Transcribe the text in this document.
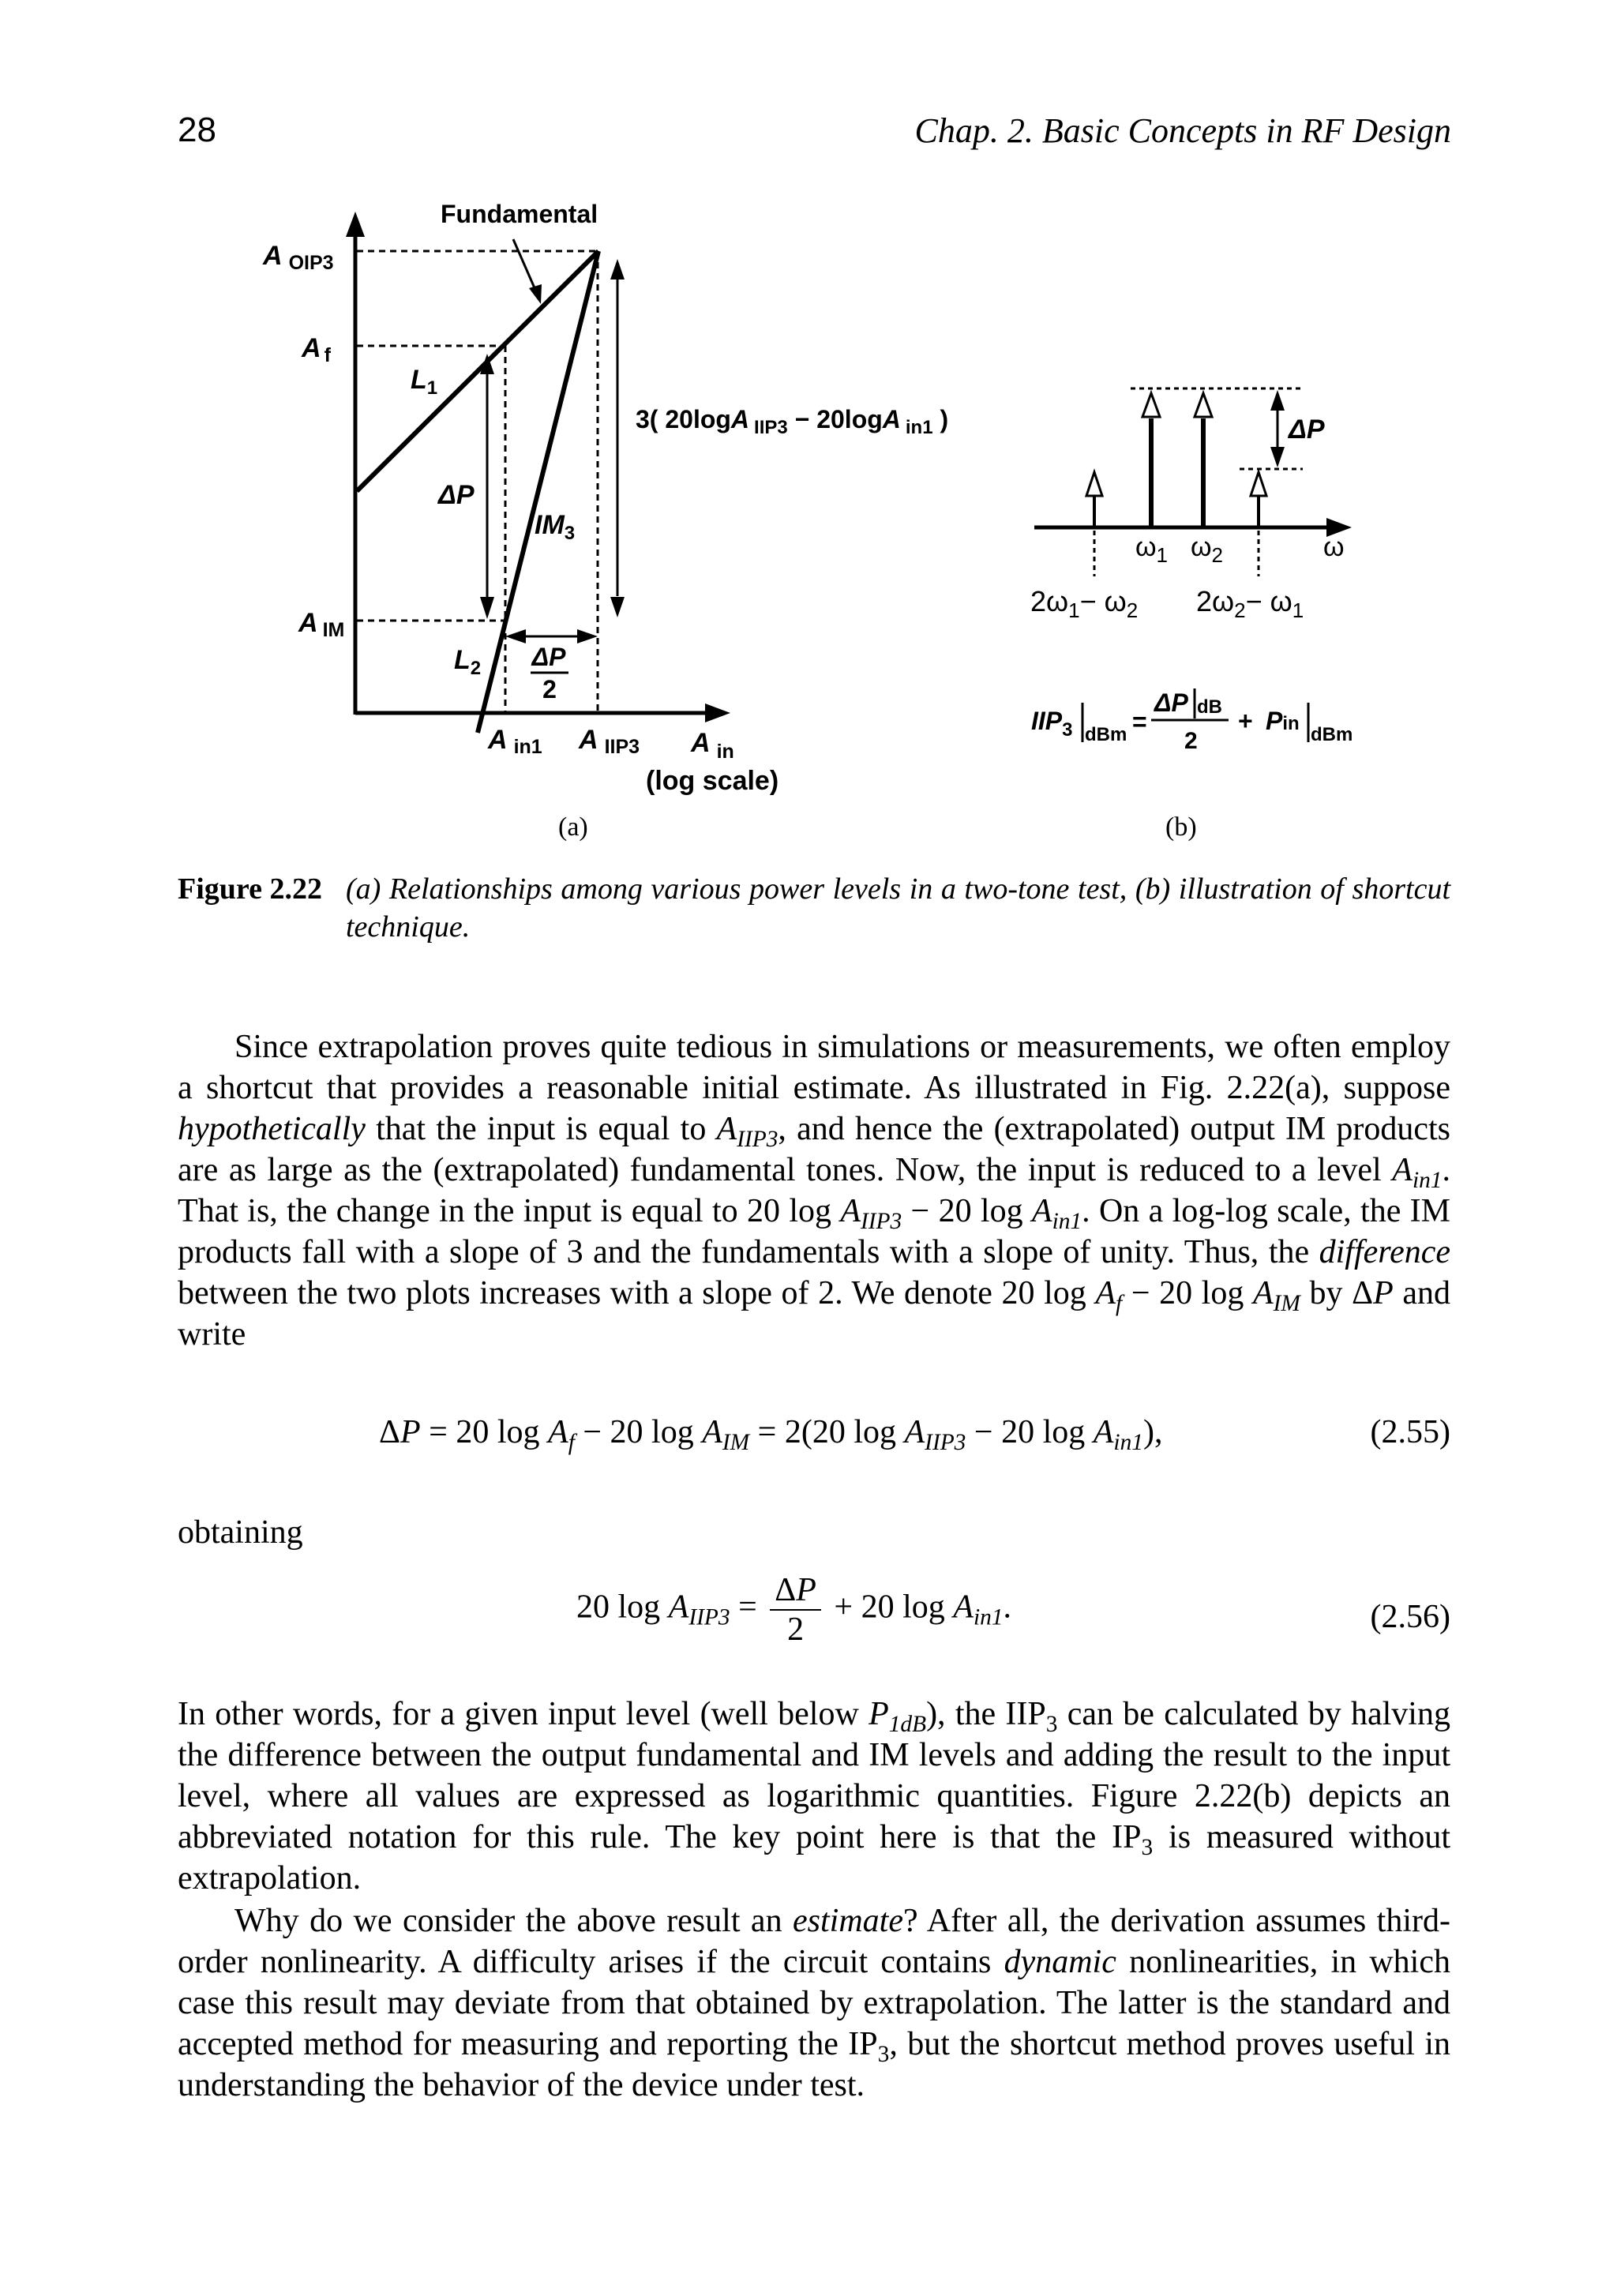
28	Chap. 2. Basic Concepts in RF Design
Fundamental
A OIP3
A f
A IM
$L_1$
$L_2$
ΔP
$IM_3$
3( 20logA $_{IIP3}$ − 20logA $_{in1}$ )
ΔP
2
A in1 A IIP3 A $_{in}$
(log scale)
ΔP
$\omega_1$ $\omega_2$	ω
$2\omega_1- \omega_2$ $2\omega_2- \omega_1$
$IIP_3$ dBm =
ΔP dB
2
+ Pin
dBm
(a)	(b)
Figure 2.22 (a) Relationships among various power levels in a two-tone test, (b) illustration of shortcut technique.

Since extrapolation proves quite tedious in simulations or measurements, we often employ a shortcut that provides a reasonable initial estimate. As illustrated in Fig. 2.22(a), suppose hypothetically that the input is equal to $A_{IIP3}$, and hence the (extrapolated) output IM products are as large as the (extrapolated) fundamental tones. Now, the input is reduced to a level $A_{in1}$. That is, the change in the input is equal to 20 $\log A_{IIP3} - 20$ $\log A_{in1}$. On a log-log scale, the IM products fall with a slope of 3 and the fundamentals with a slope of unity. Thus, the difference between the two plots increases with a slope of 2. We denote 20 $\log A_f - 20$ $\log A_{IM}$ by ΔP and write

ΔP = 20 $\log A_f - 20$ $\log A_{IM} = 2(20$ $\log A_{IIP3} - 20$ $\log A_{in1}$),	(2.55)

obtaining

20 $\log A_{IIP3} = \frac{\Delta P}{2} + 20$ $\log A_{in1}$.	(2.56)

In other words, for a given input level (well below $P_{1dB}$), the $IIP_3$ can be calculated by halving the difference between the output fundamental and IM levels and adding the result to the input level, where all values are expressed as logarithmic quantities. Figure 2.22(b) depicts an abbreviated notation for this rule. The key point here is that the $IP_3$ is measured without extrapolation.

Why do we consider the above result an estimate? After all, the derivation assumes third-order nonlinearity. A difficulty arises if the circuit contains dynamic nonlinearities, in which case this result may deviate from that obtained by extrapolation. The latter is the standard and accepted method for measuring and reporting the $IP_3$, but the shortcut method proves useful in understanding the behavior of the device under test.
